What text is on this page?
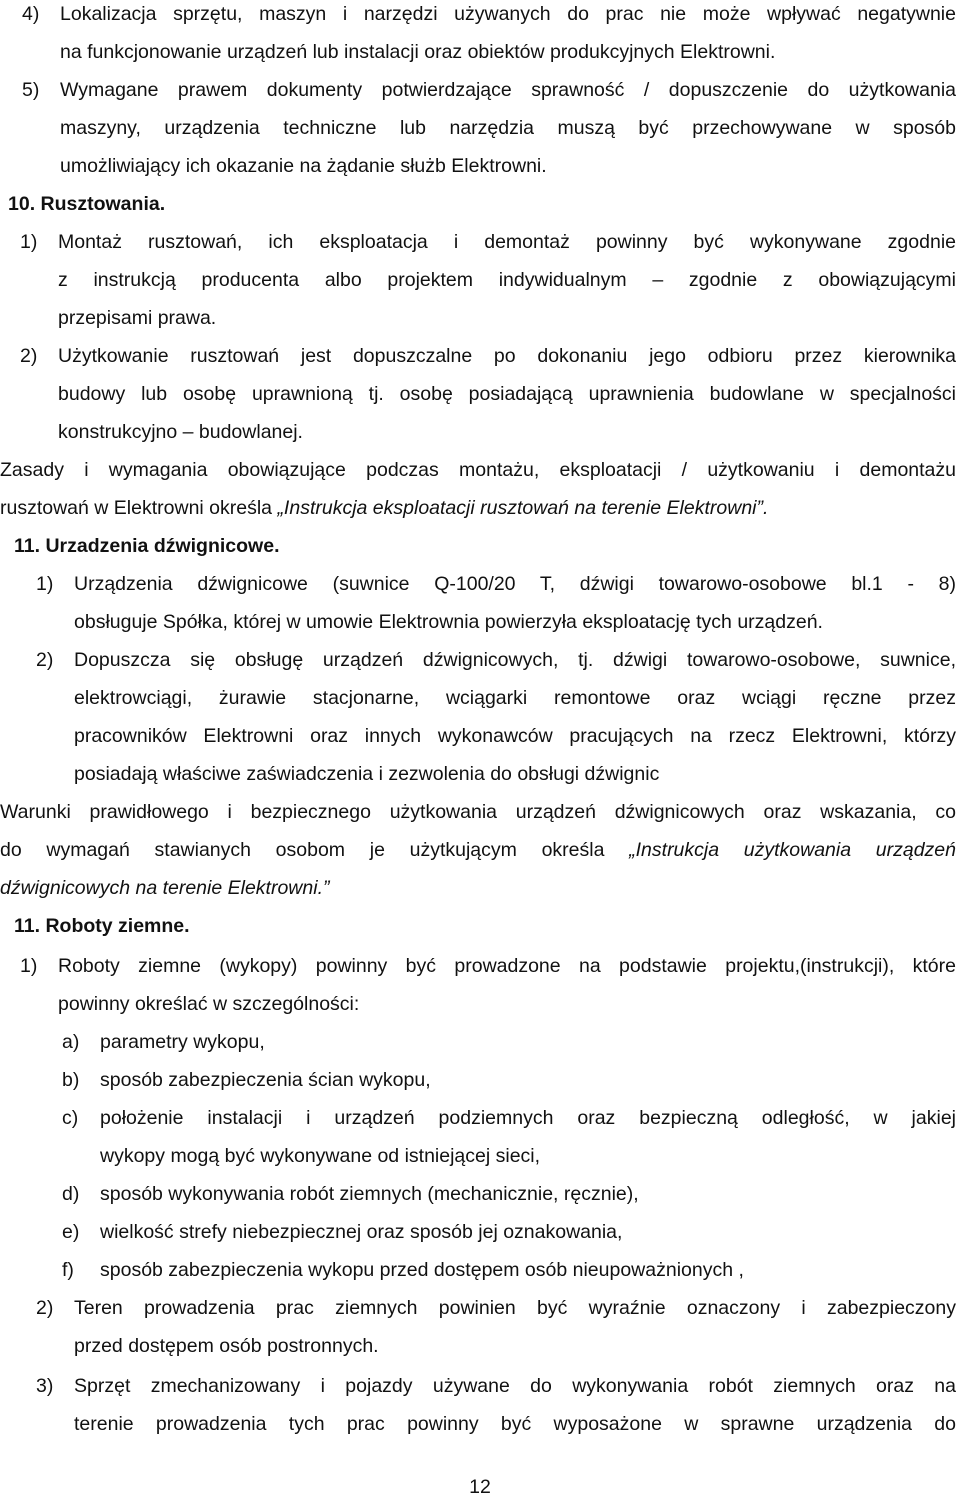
4) Lokalizacja sprzętu, maszyn i narzędzi używanych do prac nie może wpływać negatywnie
na funkcjonowanie urządzeń lub instalacji oraz obiektów produkcyjnych Elektrowni.
5) Wymagane prawem dokumenty potwierdzające sprawność / dopuszczenie do użytkowania
maszyny, urządzenia techniczne lub narzędzia muszą być przechowywane w sposób
umożliwiający ich okazanie na żądanie służb Elektrowni.
10. Rusztowania.
1) Montaż rusztowań, ich eksploatacja i demontaż powinny być wykonywane zgodnie
z instrukcją producenta albo projektem indywidualnym – zgodnie z obowiązującymi
przepisami prawa.
2) Użytkowanie rusztowań jest dopuszczalne po dokonaniu jego odbioru przez kierownika
budowy lub osobę uprawnioną tj. osobę posiadającą uprawnienia budowlane w specjalności
konstrukcyjno – budowlanej.
Zasady i wymagania obowiązujące podczas montażu, eksploatacji / użytkowaniu i demontażu
rusztowań w Elektrowni określa „Instrukcja eksploatacji rusztowań na terenie Elektrowni”.
11. Urzadzenia dźwignicowe.
1) Urządzenia dźwignicowe (suwnice Q-100/20 T, dźwigi towarowo-osobowe bl.1 - 8)
obsługuje Spółka, której w umowie Elektrownia powierzyła eksploatację tych urządzeń.
2) Dopuszcza się obsługę urządzeń dźwignicowych, tj. dźwigi towarowo-osobowe, suwnice,
elektrowciągi, żurawie stacjonarne, wciągarki remontowe oraz wciągi ręczne przez
pracowników Elektrowni oraz innych wykonawców pracujących na rzecz Elektrowni, którzy
posiadają właściwe zaświadczenia i zezwolenia do obsługi dźwignic
Warunki prawidłowego i bezpiecznego użytkowania urządzeń dźwignicowych oraz wskazania, co
do wymagań stawianych osobom je użytkującym określa „Instrukcja użytkowania urządzeń
dźwignicowych na terenie Elektrowni.”
11. Roboty ziemne.
1) Roboty ziemne (wykopy) powinny być prowadzone na podstawie projektu,(instrukcji), które
powinny określać w szczególności:
a) parametry wykopu,
b) sposób zabezpieczenia ścian wykopu,
c) położenie instalacji i urządzeń podziemnych oraz bezpieczną odległość, w jakiej
wykopy mogą być wykonywane od istniejącej sieci,
d) sposób wykonywania robót ziemnych (mechanicznie, ręcznie),
e) wielkość strefy niebezpiecznej oraz sposób jej oznakowania,
f) sposób zabezpieczenia wykopu przed dostępem osób nieupoważnionych ,
2) Teren prowadzenia prac ziemnych powinien być wyraźnie oznaczony i zabezpieczony
przed dostępem osób postronnych.
3) Sprzęt zmechanizowany i pojazdy używane do wykonywania robót ziemnych oraz na
terenie prowadzenia tych prac powinny być wyposażone w sprawne urządzenia do
12
